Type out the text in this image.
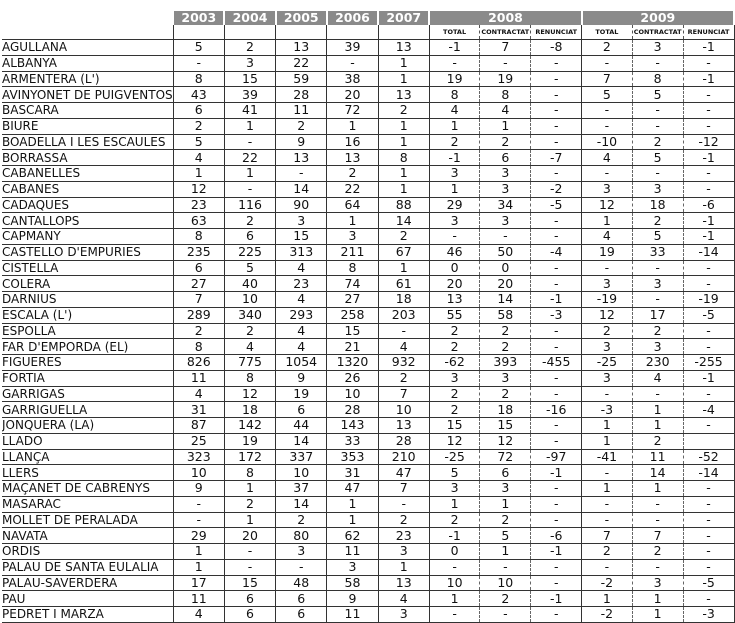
	2003	2004	2005	2006	2007	2008			2009		
						TOTAL	CONTRACTAT	RENUNCIAT	TOTAL	CONTRACTAT	RENUNCIAT
AGULLANA	5	2	13	39	13	-1	7	-8	2	3	-1
ALBANYA	-	3	22	-	1	-	-	-	-	-	-
ARMENTERA (L')	8	15	59	38	1	19	19	-	7	8	-1
AVINYONET DE PUIGVENTOS	43	39	28	20	13	8	8	-	5	5	-
BASCARA	6	41	11	72	2	4	4	-	-	-	-
BIURE	2	1	2	1	1	1	1	-	-	-	-
BOADELLA I LES ESCAULES	5	-	9	16	1	2	2	-	-10	2	-12
BORRASSA	4	22	13	13	8	-1	6	-7	4	5	-1
CABANELLES	1	1	-	2	1	3	3	-	-	-	-
CABANES	12	-	14	22	1	1	3	-2	3	3	-
CADAQUES	23	116	90	64	88	29	34	-5	12	18	-6
CANTALLOPS	63	2	3	1	14	3	3	-	1	2	-1
CAPMANY	8	6	15	3	2	-	-	-	4	5	-1
CASTELLO D'EMPURIES	235	225	313	211	67	46	50	-4	19	33	-14
CISTELLA	6	5	4	8	1	0	0	-	-	-	-
COLERA	27	40	23	74	61	20	20	-	3	3	-
DARNIUS	7	10	4	27	18	13	14	-1	-19	-	-19
ESCALA (L')	289	340	293	258	203	55	58	-3	12	17	-5
ESPOLLA	2	2	4	15	-	2	2	-	2	2	-
FAR D'EMPORDA (EL)	8	4	4	21	4	2	2	-	3	3	-
FIGUERES	826	775	1054	1320	932	-62	393	-455	-25	230	-255
FORTIA	11	8	9	26	2	3	3	-	3	4	-1
GARRIGAS	4	12	19	10	7	2	2	-	-	-	-
GARRIGUELLA	31	18	6	28	10	2	18	-16	-3	1	-4
JONQUERA (LA)	87	142	44	143	13	15	15	-	1	1	-
LLADO	25	19	14	33	28	12	12	-	1	2	
LLANÇA	323	172	337	353	210	-25	72	-97	-41	11	-52
LLERS	10	8	10	31	47	5	6	-1	-	14	-14
MAÇANET DE CABRENYS	9	1	37	47	7	3	3	-	1	1	-
MASARAC	-	2	14	1	-	1	1	-	-	-	-
MOLLET DE PERALADA	-	1	2	1	2	2	2	-	-	-	-
NAVATA	29	20	80	62	23	-1	5	-6	7	7	-
ORDIS	1	-	3	11	3	0	1	-1	2	2	-
PALAU DE SANTA EULALIA	1	-	-	3	1	-	-	-	-	-	-
PALAU-SAVERDERA	17	15	48	58	13	10	10	-	-2	3	-5
PAU	11	6	6	9	4	1	2	-1	1	1	-
PEDRET I MARZA	4	6	6	11	3	-	-	-	-2	1	-3
